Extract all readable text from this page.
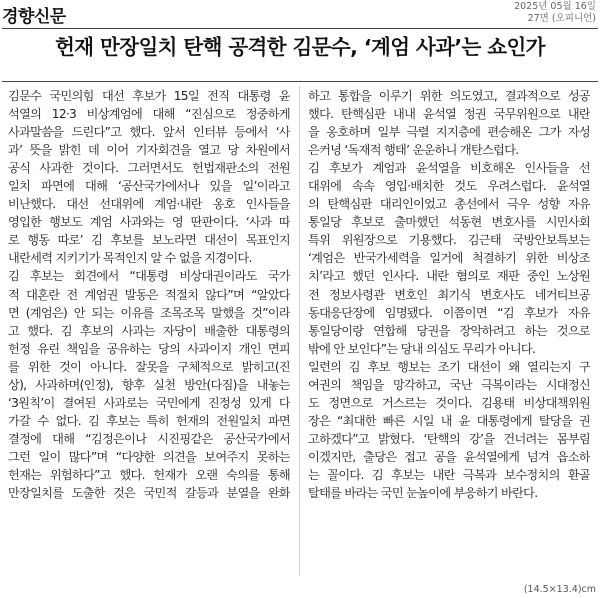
경향신문
2025년 05월 16일
27면 (오피니언)
헌재 만장일치 탄핵 공격한 김문수, ‘계엄 사과’는 쇼인가
김문수 국민의힘 대선 후보가 15일 전직 대통령 윤
석열의 12·3 비상계엄에 대해 “진심으로 정중하게
사과말씀을 드린다”고 했다. 앞서 인터뷰 등에서 ‘사
과’ 뜻을 밝힌 데 이어 기자회견을 열고 당 차원에서
공식 사과한 것이다. 그러면서도 헌법재판소의 전원
일치 파면에 대해 ‘공산국가에서나 있을 일’이라고
비난했다. 대선 선대위에 계엄·내란 옹호 인사들을
영입한 행보도 계엄 사과와는 영 딴판이다. ‘사과 따
로 행동 따로’ 김 후보를 보노라면 대선이 목표인지
내란세력 지키기가 목적인지 알 수 없을 지경이다.
김 후보는 회견에서 “대통령 비상대권이라도 국가
적 대혼란 전 계엄권 발동은 적절치 않다”며 “알았다
면 (계엄은) 안 되는 이유를 조목조목 말했을 것”이라
고 했다. 김 후보의 사과는 자당이 배출한 대통령의
헌정 유린 책임을 공유하는 당의 사과이지 개인 면피
를 위한 것이 아니다. 잘못을 구체적으로 밝히고(진
상), 사과하며(인정), 향후 실천 방안(다짐)을 내놓는
‘3원칙’이 결여된 사과로는 국민에게 진정성 있게 다
가갈 수 없다. 김 후보는 특히 헌재의 전원일치 파면
결정에 대해 “김정은이나 시진핑같은 공산국가에서
그런 일이 많다”며 “다양한 의견을 보여주지 못하는
헌재는 위험하다”고 했다. 헌재가 오랜 숙의를 통해
만장일치를 도출한 것은 국민적 갈등과 분열을 완화
하고 통합을 이루기 위한 의도였고, 결과적으로 성공
했다. 탄핵심판 내내 윤석열 정권 국무위원으로 내란
을 옹호하며 일부 극렬 지지층에 편승해온 그가 자성
은커녕 ‘독재적 행태’ 운운하니 개탄스럽다.
김 후보가 계엄과 윤석열을 비호해온 인사들을 선
대위에 속속 영입·배치한 것도 우려스럽다. 윤석열
의 탄핵심판 대리인이었고 총선에서 극우 성향 자유
통일당 후보로 출마했던 석동현 변호사를 시민사회
특위 위원장으로 기용했다. 김근태 국방안보특보는
‘계엄은 반국가세력을 일거에 척결하기 위한 비상조
치’라고 했던 인사다. 내란 혐의로 재판 중인 노상원
전 정보사령관 변호인 최기식 변호사도 네거티브공
동대응단장에 임명됐다. 이쯤이면 “김 후보가 자유
통일당이랑 연합해 당권을 장악하려고 하는 것으로
밖에 안 보인다”는 당내 의심도 무리가 아니다.
일련의 김 후보 행보는 조기 대선이 왜 열리는지 구
여권의 책임을 망각하고, 국난 극복이라는 시대정신
도 정면으로 거스르는 것이다. 김용태 비상대책위원
장은 “최대한 빠른 시일 내 윤 대통령에게 탈당을 권
고하겠다”고 밝혔다. ‘탄핵의 강’을 건너려는 몸부림
이겠지만, 출당은 접고 공을 윤석열에게 넘겨 읍소하
는 꼴이다. 김 후보는 내란 극복과 보수정치의 환골
탈태를 바라는 국민 눈높이에 부응하기 바란다.
(14.5×13.4)cm
